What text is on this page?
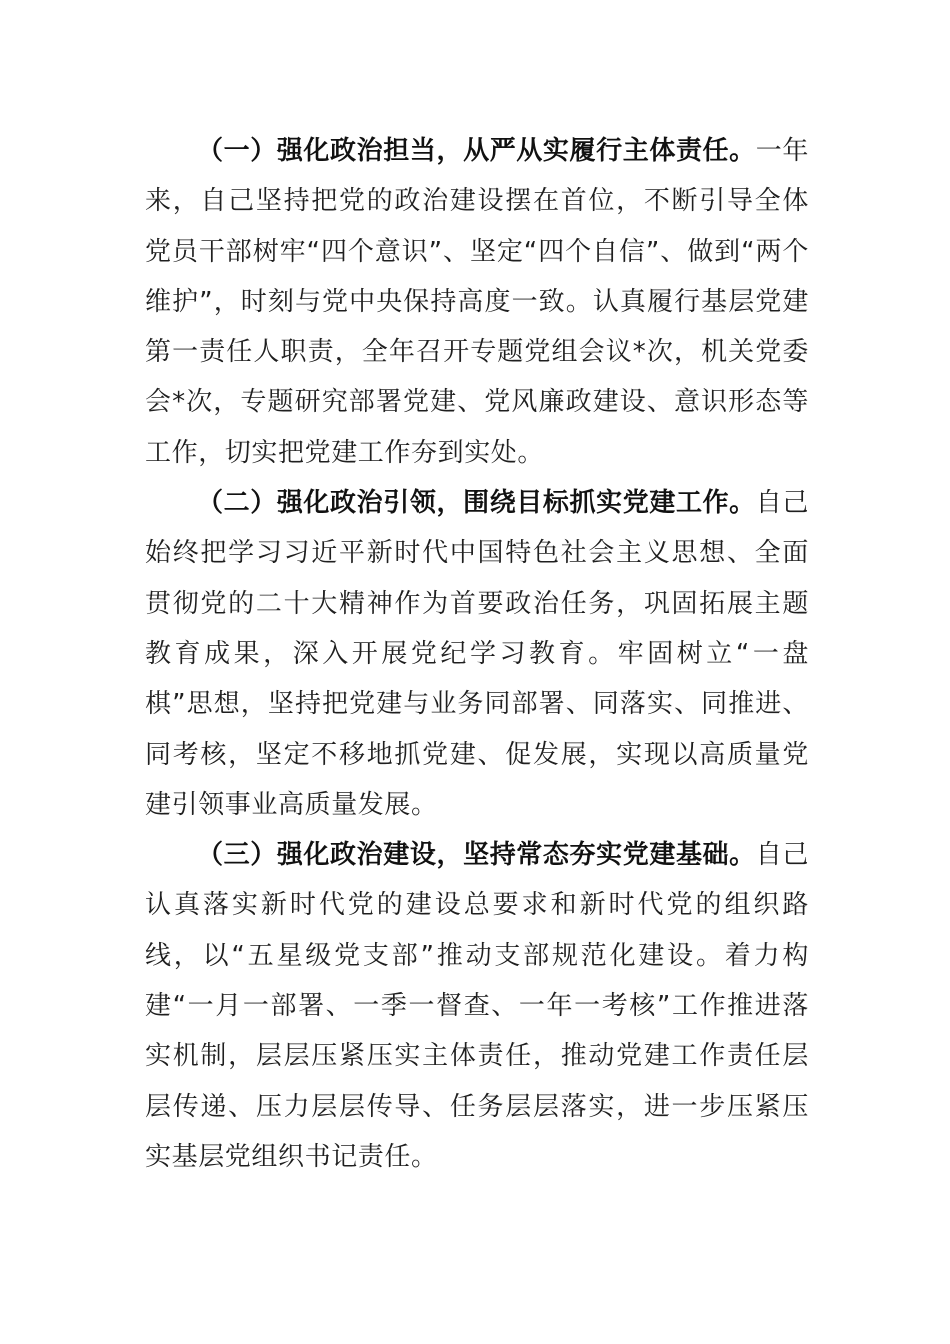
（一）强化政治担当，从严从实履行主体责任。一年来，自己坚持把党的政治建设摆在首位，不断引导全体党员干部树牢“四个意识”、坚定“四个自信”、做到“两个维护”，时刻与党中央保持高度一致。认真履行基层党建第一责任人职责，全年召开专题党组会议*次，机关党委会*次，专题研究部署党建、党风廉政建设、意识形态等工作，切实把党建工作夯到实处。

（二）强化政治引领，围绕目标抓实党建工作。自己始终把学习习近平新时代中国特色社会主义思想、全面贯彻党的二十大精神作为首要政治任务，巩固拓展主题教育成果，深入开展党纪学习教育。牢固树立“一盘棋”思想，坚持把党建与业务同部署、同落实、同推进、同考核，坚定不移地抓党建、促发展，实现以高质量党建引领事业高质量发展。

（三）强化政治建设，坚持常态夯实党建基础。自己认真落实新时代党的建设总要求和新时代党的组织路线，以“五星级党支部”推动支部规范化建设。着力构建“一月一部署、一季一督查、一年一考核”工作推进落实机制，层层压紧压实主体责任，推动党建工作责任层层传递、压力层层传导、任务层层落实，进一步压紧压实基层党组织书记责任。
